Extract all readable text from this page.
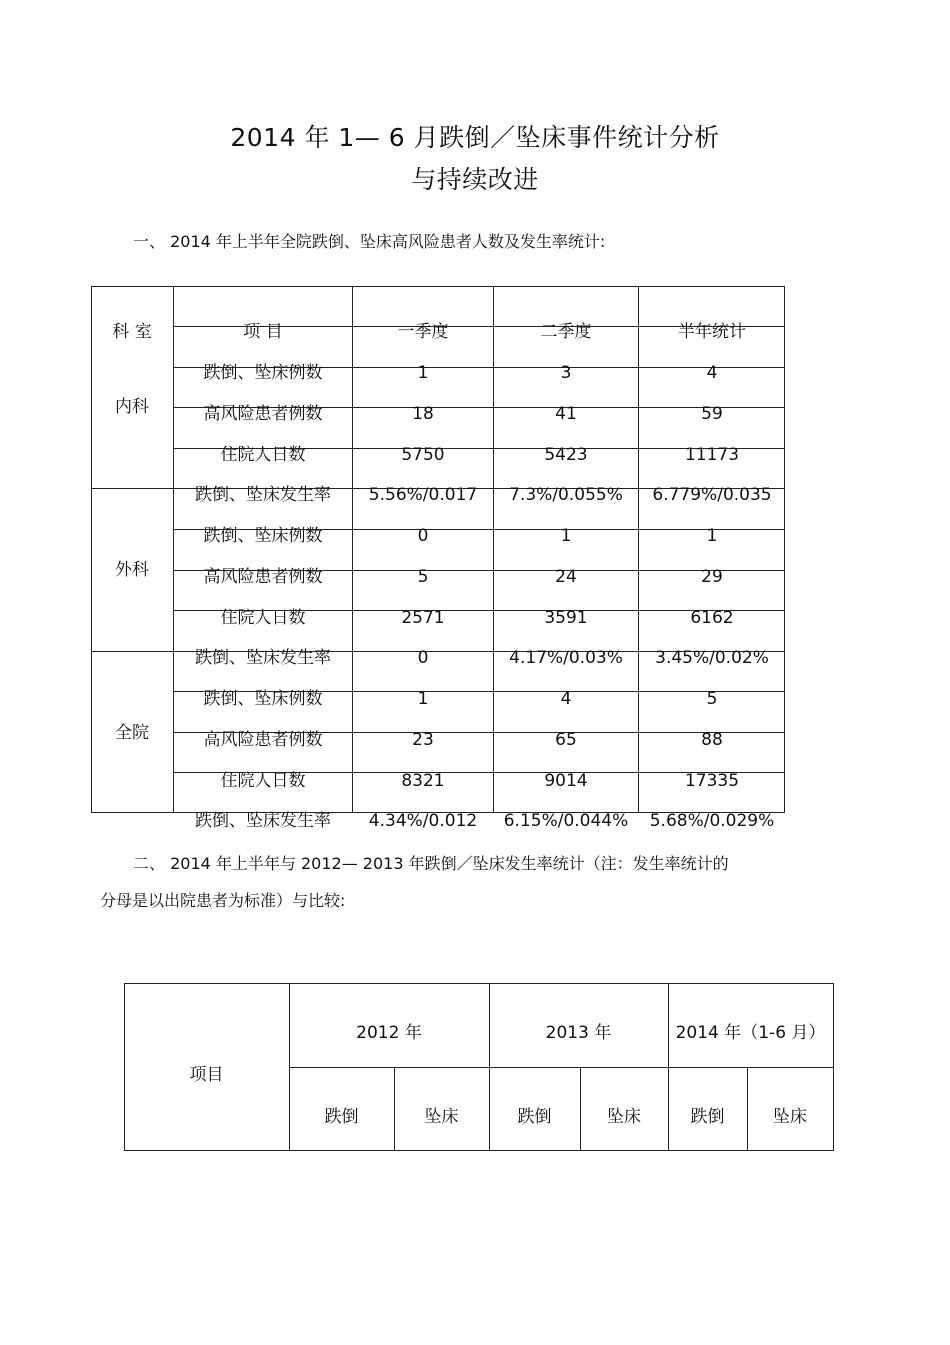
2014 年 1— 6 月跌倒／坠床事件统计分析
与持续改进
一、 2014 年上半年全院跌倒、坠床高风险患者人数及发生率统计:
科 室	项 目	一季度	二季度	半年统计
内科
跌倒、坠床例数	1	3	4
高风险患者例数	18	41	59
住院人日数	5750	5423	11173
跌倒、坠床发生率	5.56%/0.017	7.3%/0.055%	6.779%/0.035
外科
跌倒、坠床例数	0	1	1
高风险患者例数	5	24	29
住院人日数	2571	3591	6162
跌倒、坠床发生率	0	4.17%/0.03%	3.45%/0.02%
全院
跌倒、坠床例数	1	4	5
高风险患者例数	23	65	88
住院人日数	8321	9014	17335
跌倒、坠床发生率	4.34%/0.012	6.15%/0.044%	5.68%/0.029%
二、 2014 年上半年与 2012— 2013 年跌倒／坠床发生率统计（注：发生率统计的
分母是以出院患者为标准）与比较:
项目
2012 年	2013 年	2014 年（1-6 月）
跌倒	坠床	跌倒	坠床	跌倒	坠床
